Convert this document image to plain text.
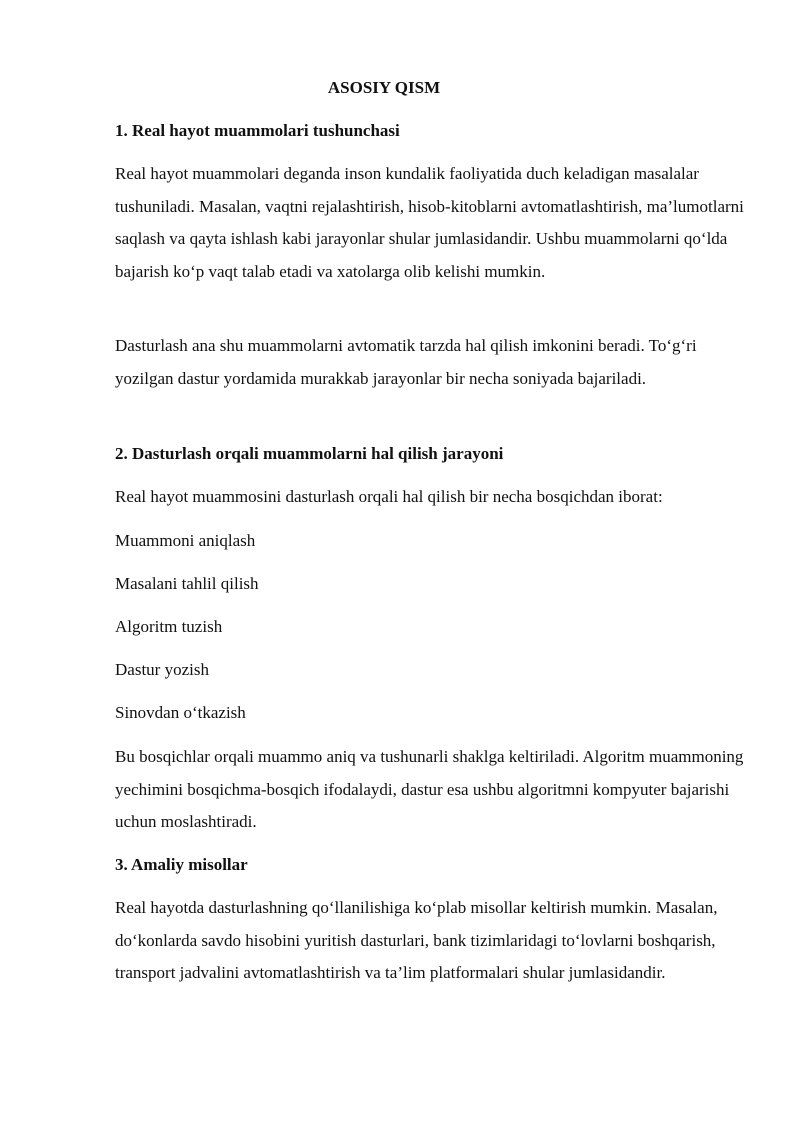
ASOSIY QISM

1. Real hayot muammolari tushunchasi

Real hayot muammolari deganda inson kundalik faoliyatida duch keladigan masalalar tushuniladi. Masalan, vaqtni rejalashtirish, hisob-kitoblarni avtomatlashtirish, ma’lumotlarni saqlash va qayta ishlash kabi jarayonlar shular jumlasidandir. Ushbu muammolarni qo‘lda bajarish ko‘p vaqt talab etadi va xatolarga olib kelishi mumkin.

Dasturlash ana shu muammolarni avtomatik tarzda hal qilish imkonini beradi. To‘g‘ri yozilgan dastur yordamida murakkab jarayonlar bir necha soniyada bajariladi.

2. Dasturlash orqali muammolarni hal qilish jarayoni

Real hayot muammosini dasturlash orqali hal qilish bir necha bosqichdan iborat:

Muammoni aniqlash

Masalani tahlil qilish

Algoritm tuzish

Dastur yozish

Sinovdan o‘tkazish

Bu bosqichlar orqali muammo aniq va tushunarli shaklga keltiriladi. Algoritm muammoning yechimini bosqichma-bosqich ifodalaydi, dastur esa ushbu algoritmni kompyuter bajarishi uchun moslashtiradi.

3. Amaliy misollar

Real hayotda dasturlashning qo‘llanilishiga ko‘plab misollar keltirish mumkin. Masalan, do‘konlarda savdo hisobini yuritish dasturlari, bank tizimlaridagi to‘lovlarni boshqarish, transport jadvalini avtomatlashtirish va ta’lim platformalari shular jumlasidandir.
